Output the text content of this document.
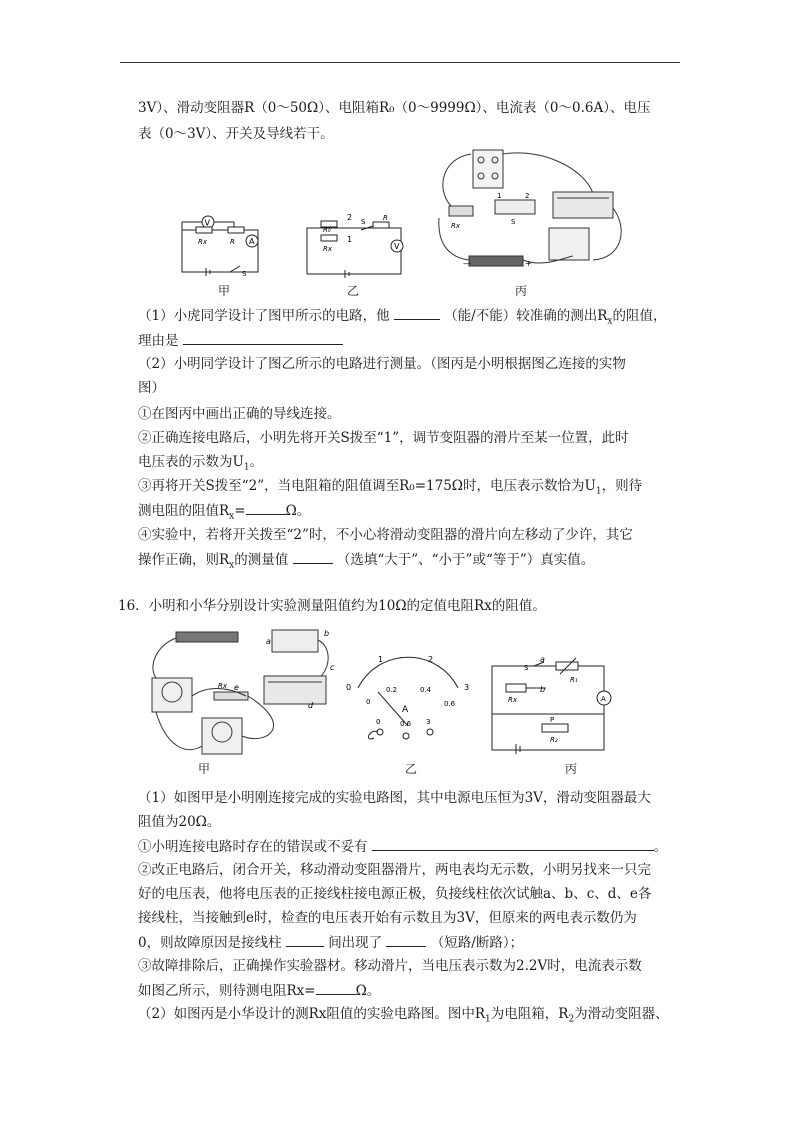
3V）、滑动变阻器R（0～50Ω）、电阻箱R₀（0～9999Ω）、电流表（0～0.6A）、电压
表（0～3V）、开关及导线若干。
V
A
Rx	R
S
甲
2
1
S
R₀
Rx
R
V
乙
Rx	S
1	2
—	+
丙
（1）小虎同学设计了图甲所示的电路，他	（能/不能）较准确的测出$R_x$的阻值，
理由是
（2）小明同学设计了图乙所示的电路进行测量。（图丙是小明根据图乙连接的实物
图）
①在图丙中画出正确的导线连接。
②正确连接电路后，小明先将开关S拨至“1”，调节变阻器的滑片至某一位置，此时
电压表的示数为$U_1$。
③再将开关S拨至“2”，当电阻箱的阻值调至R₀=175Ω时，电压表示数恰为$U_1$，则待
测电阻的阻值$R_x=$	Ω。
④实验中，若将开关拨至“2”时，不小心将滑动变阻器的滑片向左移动了少许，其它
操作正确，则$R_x$的测量值	（选填“大于”、“小于”或“等于”）真实值。
16．小明和小华分别设计实验测量阻值约为10Ω的定值电阻Rx的阻值。
a
b
c
d
e
Rx
甲
0
1	2
3
0
0.2	0.4
0.6
A
0	0.6 3
乙
a
b
S
R₁
Rx	A
P
R₂
丙
（1）如图甲是小明刚连接完成的实验电路图，其中电源电压恒为3V，滑动变阻器最大
阻值为20Ω。
①小明连接电路时存在的错误或不妥有	。
②改正电路后，闭合开关，移动滑动变阻器滑片，两电表均无示数，小明另找来一只完
好的电压表，他将电压表的正接线柱接电源正极，负接线柱依次试触a、b、c、d、e各
接线柱，当接触到e时，检查的电压表开始有示数且为3V，但原来的两电表示数仍为
0，则故障原因是接线柱	间出现了	（短路/断路）；
③故障排除后，正确操作实验器材。移动滑片，当电压表示数为2.2V时，电流表示数
如图乙所示，则待测电阻Rx=	Ω。
（2）如图丙是小华设计的测Rx阻值的实验电路图。图中$R_1$为电阻箱，$R_2$为滑动变阻器、
